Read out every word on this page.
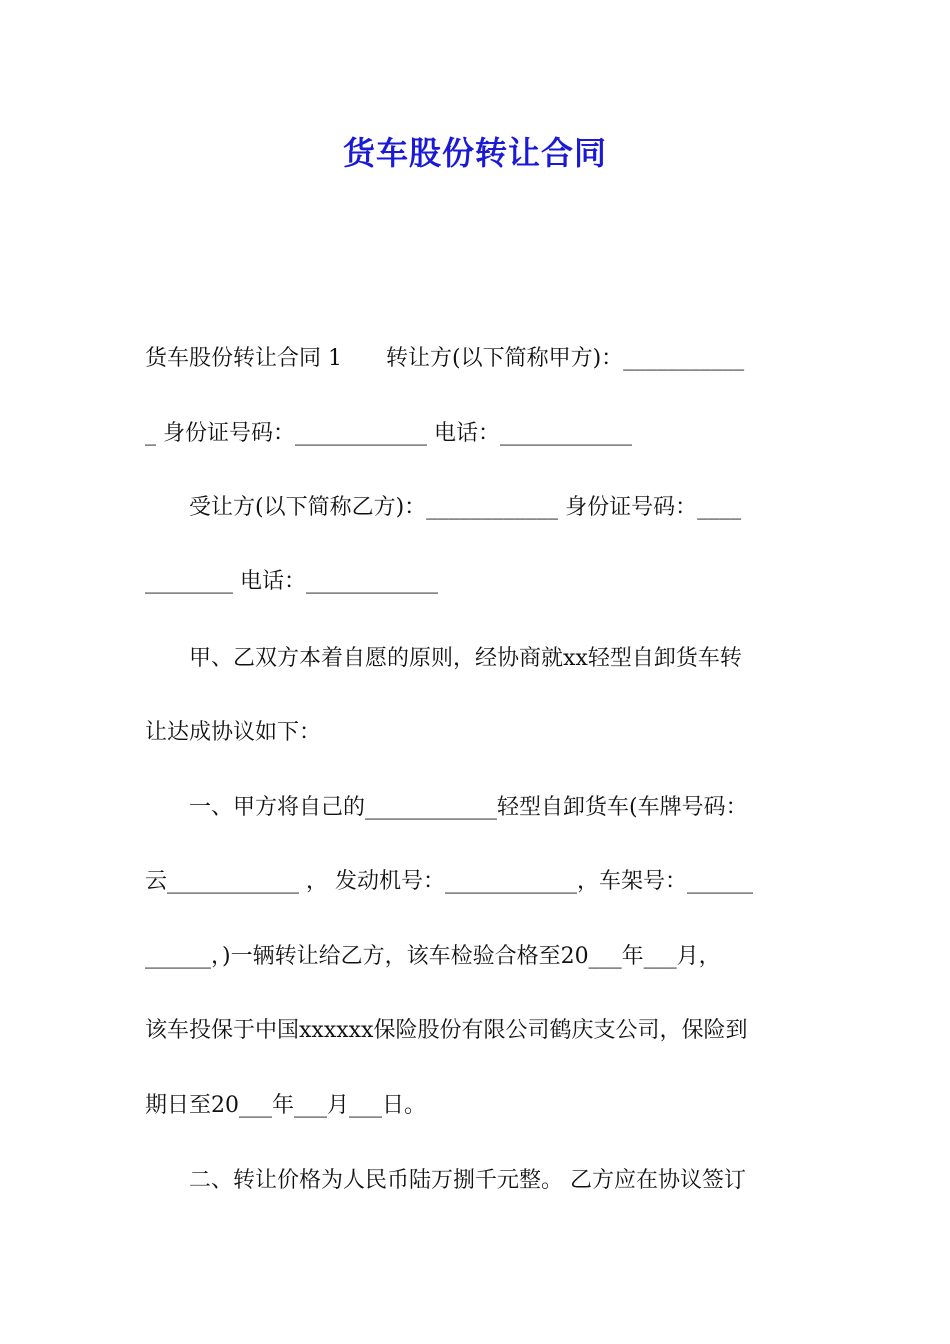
货车股份转让合同
货车股份转让合同 1　　转让方(以下简称甲方)：___________
_ 身份证号码：____________ 电话：____________
　　受让方(以下简称乙方)：____________ 身份证号码：____
________ 电话：____________
　　甲、乙双方本着自愿的原则，经协商就xx轻型自卸货车转
让达成协议如下：
　　一、甲方将自己的____________轻型自卸货车(车牌号码：
云____________ ， 发动机号：____________，车架号：______
______，)一辆转让给乙方，该车检验合格至20___年___月，
该车投保于中国xxxxxx保险股份有限公司鹤庆支公司，保险到
期日至20___年___月___日。
　　二、转让价格为人民币陆万捌千元整。 乙方应在协议签订
